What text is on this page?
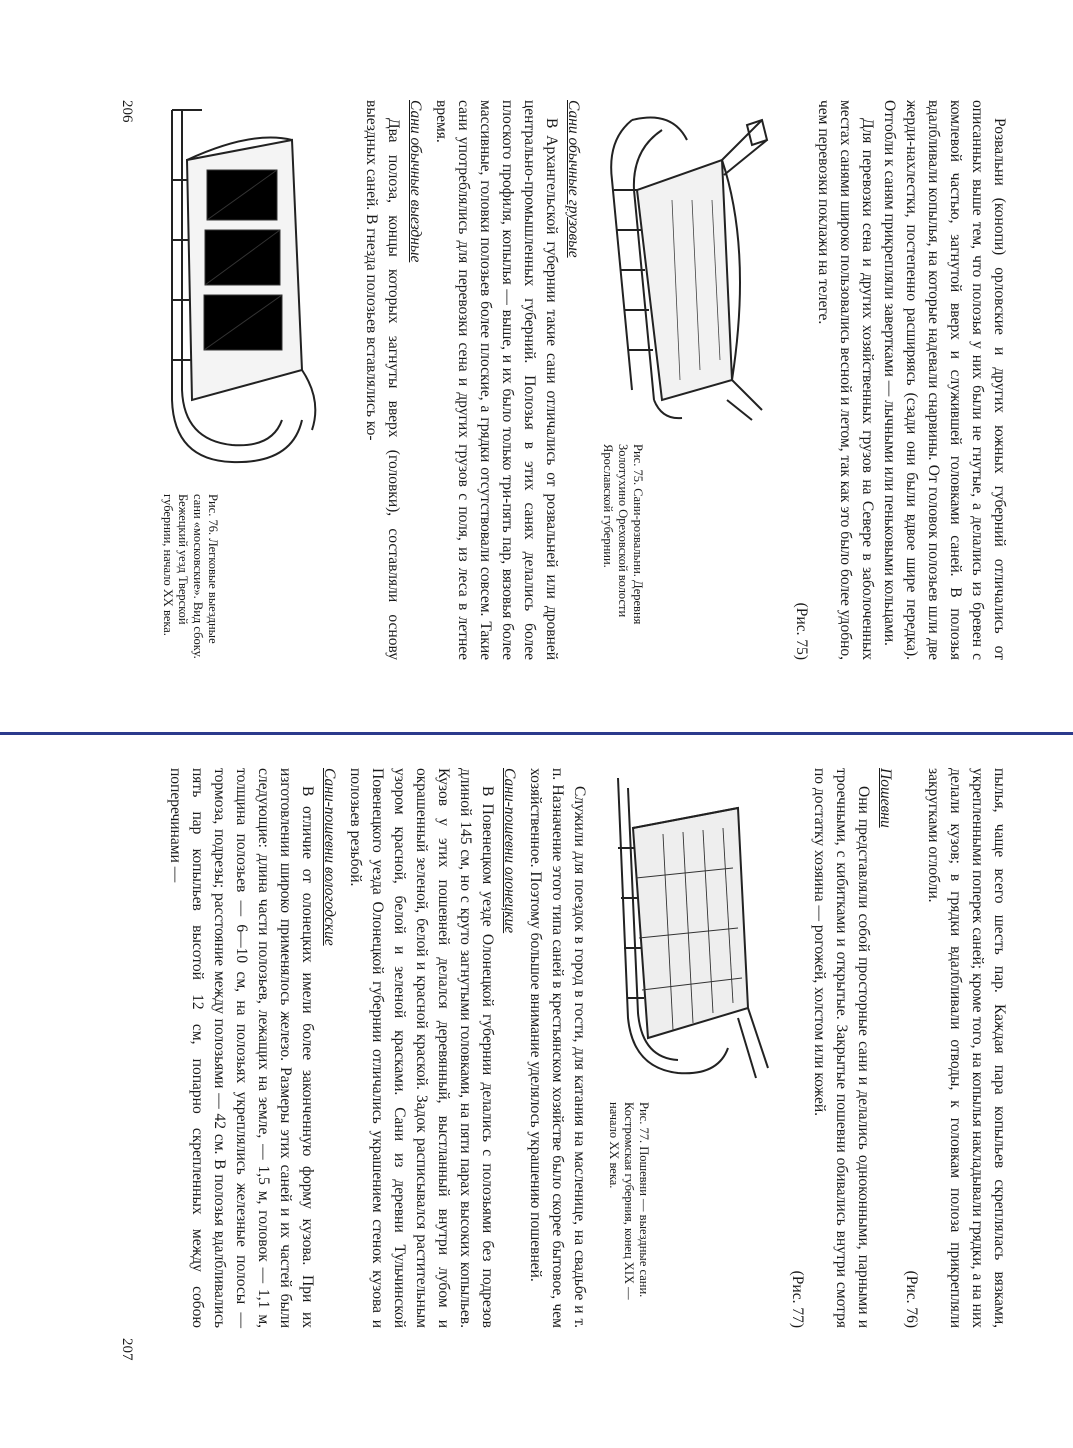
Розвальни (конопи) орловские и других южных губерний отличались от описанных выше тем, что полозья у них были не гнутые, а делались из бревен с комлевой частью, загнутой вверх и служившей головками саней. В полозья вдалбливали копылья, на которые надевали снарвины. От головок полозьев шли две жерди-нахлестки, постепенно расширяясь (сзади они были вдвое шире передка). Отгобли к саням прикрепляли завертками — лычными или пеньковыми кольцами.

Для перевозки сена и других хозяйственных грузов на Севере в заболоченных местах санями широко пользовались весной и летом, так как это было более удобно, чем перевозки поклажи на телеге.

(Рис. 75)

Рис. 75. Сани-розвальни. Деревня Золотухино Ореховской волости Ярославской губернии.

Сани обычные грузовые

В Архангельской губернии такие сани отличались от розвальней или дровней центрально-промышленных губерний. Полозья в этих санях делались более плоского профиля, копылья — выше, и их было только три-пять пар, вязовья более массивные, головки полозьев более плоские, а грядки отсутствовали совсем. Такие сани употреблялись для перевозки сена и других грузов с поля, из леса в летнее время.

Сани обычные выездные

Два полоза, концы которых загнуты вверх (головки), составляли основу выездных саней. В гнезда полозьев вставлялись ко-

Рис. 76. Легковые выездные сани «московские». Вид сбоку. Бежецкий уезд Тверской губернии, начало XX века.

206

пылья, чаще всего шесть пар. Каждая пара копыльев скреплялась вязками, укрепленными поперек саней; кроме того, на копылья накладывали грядки, а на них делали кузов; в грядки вдалбливали отводы, к головкам полоза прикрепляли закругками оглобли.

(Рис. 76)

Пошевни

Они представляли собой просторные сани и делались одноконными, парными и троечными, с кибитками и открытые. Закрытые пошевни обивались внутри смотря по достатку хозяина — рогожей, холстом или кожей.

(Рис. 77)

Рис. 77. Пошевни — выездные сани. Костромская губерния, конец XIX — начало XX века.

Служили для поездок в город в гости, для катания на масленице, на свадьбе и т. п. Назначение этого типа саней в крестьянском хозяйстве было скорее бытовое, чем хозяйственное. Поэтому большое внимание уделялось украшению пошевней.

Сани-пошевни олонецкие

В Повенецком уезде Олонецкой губернии делались с полозьями без подрезов длиной 145 см, но с круто загнутыми головками, на пяти парах высоких копыльев. Кузов у этих пошевней делался деревянный, выстланный внутри лубом и окрашенный зеленой, белой и красной краской. Задок расписывался растительным узором красной, белой и зеленой красками. Сани из деревни Тульчинской Повенецкого уезда Олонецкой губернии отличались украшением стенок кузова и полозьев резьбой.

Сани-пошевни вологодские

В отличие от олонецких имели более законченную форму кузова. При их изготовлении широко применялось железо. Размеры этих саней и их частей были следующие: длина части полозьев, лежащих на земле, — 1,5 м, головок — 1,1 м, толщина полозьев — 6—10 см, на полозьях укреплялись железные полосы — тормоза, подрезы; расстояние между полозьями — 42 см. В полозья вдалбливались пять пар копыльев высотой 12 см, попарно скрепленных между собою поперечинами —

207
